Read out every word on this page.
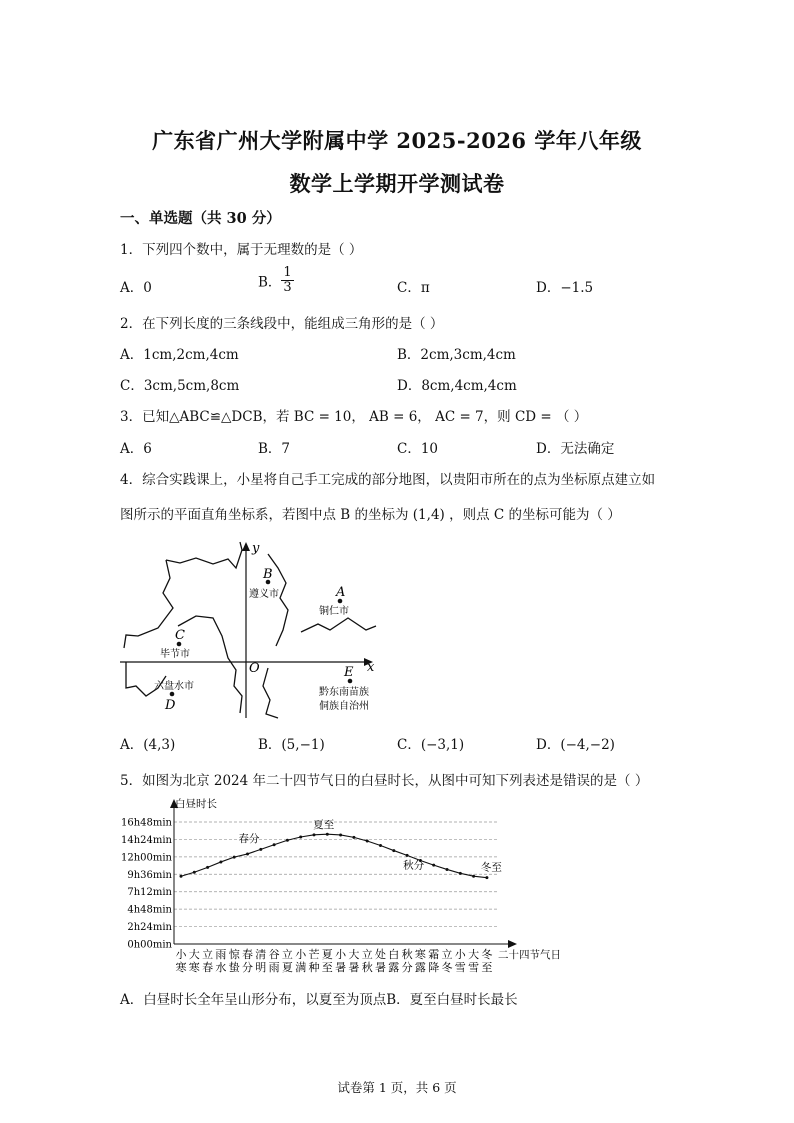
广东省广州大学附属中学 2025-2026 学年八年级
数学上学期开学测试卷
一、单选题（共 30 分）
1．下列四个数中，属于无理数的是（ ）
A．0	B． $\frac{1}{3}$	C．π	D．−1.5
2．在下列长度的三条线段中，能组成三角形的是（ ）
A．1cm,2cm,4cm	B．2cm,3cm,4cm
C．3cm,5cm,8cm	D．8cm,4cm,4cm
3．已知△ABC≌△DCB，若 BC = 10， AB = 6， AC = 7，则 CD = （ ）
A．6	B．7	C．10	D．无法确定
4．综合实践课上，小星将自己手工完成的部分地图，以贵阳市所在的点为坐标原点建立如
图所示的平面直角坐标系，若图中点 B 的坐标为 (1,4) ，则点 C 的坐标可能为（ ）
y
x
O
B
遵义市	A
铜仁市
C
毕节市
六盘水市
D
E
黔东南苗族
侗族自治州
A．(4,3)	B．(5,−1)	C．(−3,1)	D．(−4,−2)
5．如图为北京 2024 年二十四节气日的白昼时长，从图中可知下列表述是错误的是（ ）
0h00min
2h24min
4h48min
7h12min
9h36min
12h00min
14h24min
16h48min
白昼时长
二十四节气日
小
寒
大
寒
立
春
雨
水
惊
蛰
春
分
清
明
谷
雨
立
夏
小
满
芒
种
夏
至
小
暑
大
暑
立
秋
处
暑
白
露
秋
分
寒
露
霜
降
立
冬
小
雪
大
雪
冬
至
春分
夏至
秋分	冬至
A．白昼时长全年呈山形分布，以夏至为顶点B．夏至白昼时长最长
试卷第 1 页，共 6 页
